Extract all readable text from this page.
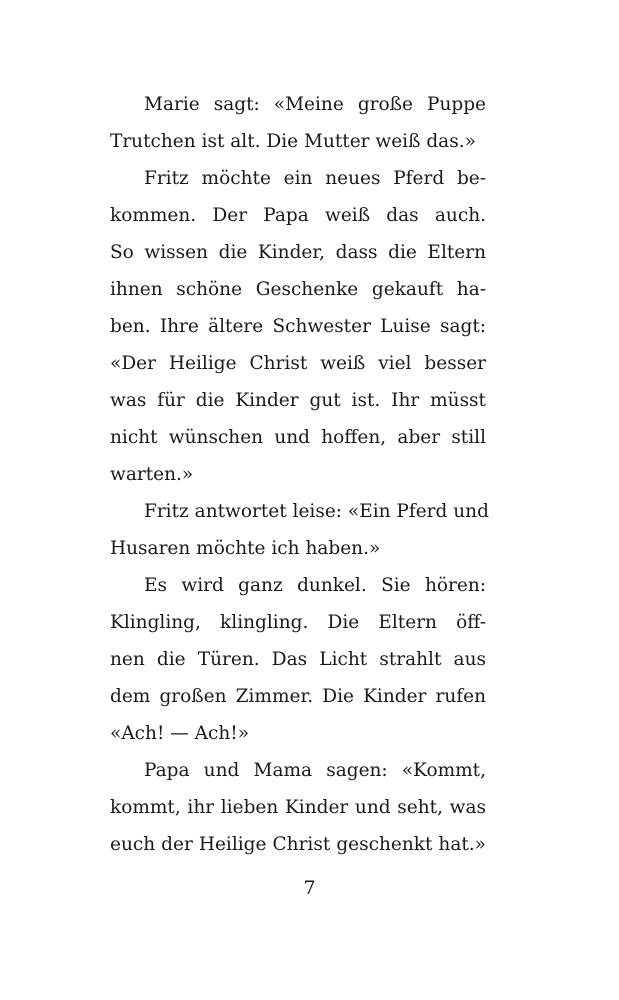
Marie sagt: «Meine große Puppe
Trutchen ist alt. Die Mutter weiß das.»
Fritz möchte ein neues Pferd be-
kommen. Der Papa weiß das auch.
So wissen die Kinder, dass die Eltern
ihnen schöne Geschenke gekauft ha-
ben. Ihre ältere Schwester Luise sagt:
«Der Heilige Christ weiß viel besser
was für die Kinder gut ist. Ihr müsst
nicht wünschen und hoffen, aber still
warten.»
Fritz antwortet leise: «Ein Pferd und
Husaren möchte ich haben.»
Es wird ganz dunkel. Sie hören:
Klingling, klingling. Die Eltern öff-
nen die Türen. Das Licht strahlt aus
dem großen Zimmer. Die Kinder rufen
«Ach! — Ach!»
Papa und Mama sagen: «Kommt,
kommt, ihr lieben Kinder und seht, was
euch der Heilige Christ geschenkt hat.»
7
